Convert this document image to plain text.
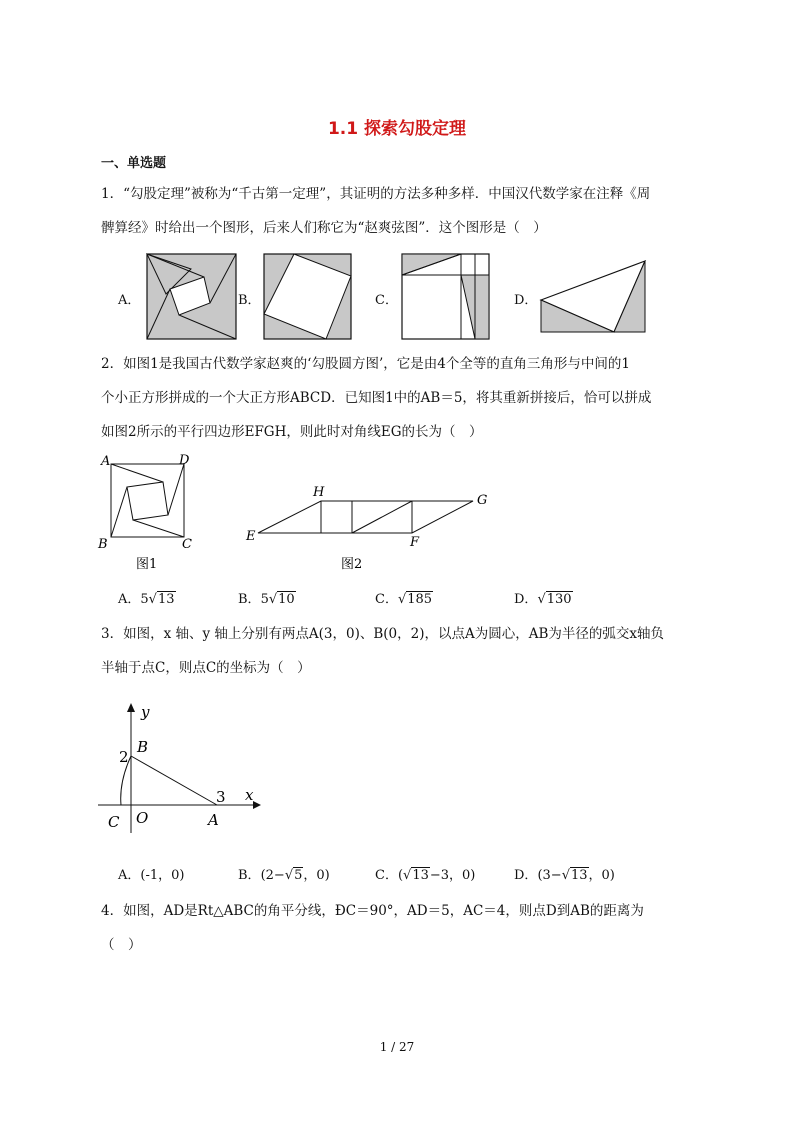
1.1 探索勾股定理
一、单选题
1．“勾股定理”被称为“千古第一定理”，其证明的方法多种多样．中国汉代数学家在注释《周
髀算经》时给出一个图形，后来人们称它为“赵爽弦图”．这个图形是（　）
A．	B．	C．	D．
2．如图1是我国古代数学家赵爽的‘勾股圆方图’，它是由4个全等的直角三角形与中间的1
个小正方形拼成的一个大正方形ABCD．已知图1中的AB＝5，将其重新拼接后，恰可以拼成
如图2所示的平行四边形EFGH，则此时对角线EG的长为（　）
A	D
B	C
图1
E
H
G
F
图2
A．5√13	B．5√10	C．√185	D．√130
3．如图，x 轴、y 轴上分别有两点A(3，0)、B(0，2)，以点A为圆心，AB为半径的弧交x轴负
半轴于点C，则点C的坐标为（　）
y
x
B
2
3
C O	A
A．(-1，0)	B．(2−√5，0)	C．(√13−3，0)	D．(3−√13，0)
4．如图，AD是Rt△ABC的角平分线，ÐC＝90°，AD＝5，AC＝4，则点D到AB的距离为
（　）
1 / 27
